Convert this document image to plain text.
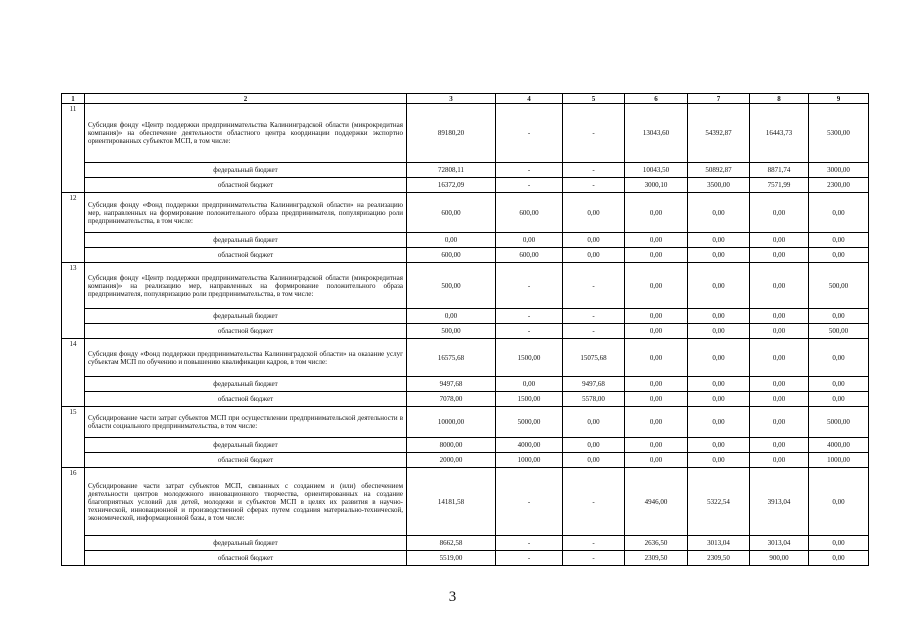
1	2	3	4	5	6	7	8	9
11	Субсидия фонду «Центр поддержки предпринимательства Калининградской области (микрокредитная компания)» на обеспечение деятельности областного центра координации поддержки экспортно ориентированных субъектов МСП, в том числе:	89180,20	-	-	13043,60	54392,87	16443,73	5300,00
	федеральный бюджет	72808,11	-	-	10043,50	50892,87	8871,74	3000,00
	областной бюджет	16372,09	-	-	3000,10	3500,00	7571,99	2300,00
12	Субсидия фонду «Фонд поддержки предпринимательства Калининградской области» на реализацию мер, направленных на формирование положительного образа предпринимателя, популяризацию роли предпринимательства, в том числе:	600,00	600,00	0,00	0,00	0,00	0,00	0,00
	федеральный бюджет	0,00	0,00	0,00	0,00	0,00	0,00	0,00
	областной бюджет	600,00	600,00	0,00	0,00	0,00	0,00	0,00
13	Субсидия фонду «Центр поддержки предпринимательства Калининградской области (микрокредитная компания)» на реализацию мер, направленных на формирование положительного образа предпринимателя, популяризацию роли предпринимательства, в том числе:	500,00	-	-	0,00	0,00	0,00	500,00
	федеральный бюджет	0,00	-	-	0,00	0,00	0,00	0,00
	областной бюджет	500,00	-	-	0,00	0,00	0,00	500,00
14	Субсидия фонду «Фонд поддержки предпринимательства Калининградской области» на оказание услуг субъектам МСП по обучению и повышению квалификации кадров, в том числе:	16575,68	1500,00	15075,68	0,00	0,00	0,00	0,00
	федеральный бюджет	9497,68	0,00	9497,68	0,00	0,00	0,00	0,00
	областной бюджет	7078,00	1500,00	5578,00	0,00	0,00	0,00	0,00
15	Субсидирование части затрат субъектов МСП при осуществлении предпринимательской деятельности в области социального предпринимательства, в том числе:	10000,00	5000,00	0,00	0,00	0,00	0,00	5000,00
	федеральный бюджет	8000,00	4000,00	0,00	0,00	0,00	0,00	4000,00
	областной бюджет	2000,00	1000,00	0,00	0,00	0,00	0,00	1000,00
16	Субсидирование части затрат субъектов МСП, связанных с созданием и (или) обеспечением деятельности центров молодежного инновационного творчества, ориентированных на создание благоприятных условий для детей, молодежи и субъектов МСП в целях их развития в научно-технической, инновационной и производственной сферах путем создания материально-технической, экономической, информационной базы, в том числе:	14181,58	-	-	4946,00	5322,54	3913,04	0,00
	федеральный бюджет	8662,58	-	-	2636,50	3013,04	3013,04	0,00
	областной бюджет	5519,00	-	-	2309,50	2309,50	900,00	0,00
3
